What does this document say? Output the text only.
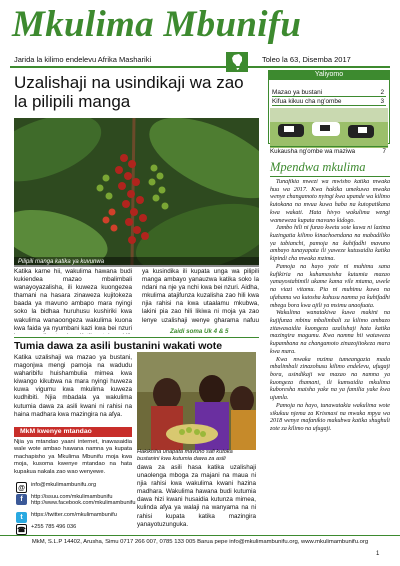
Mkulima Mbunifu
Jarida la kilimo endelevu Afrika Mashariki	Toleo la 63, Disemba 2017
Uzalishaji na usindikaji wa zao la pilipili manga
Pilipili manga katika ya kuvunwa
Katika karne hii, wakulima hawana budi kukiendea mazao mbalimbali wanayoyazalisha, ili kuweza kuongezea thamani na hasara zinaweza kujitokeza baada ya mavuno ambapo mara nyingi soko la bidhaa huruhusu kushiriki kwa wakulima wanaoongeza wakulima kuona kwa faida ya nyumbani kazi kwa bei nzuri
ya kusindika ili kupata unga wa pilipili manga ambayo yanauzwa katika soko la ndani na nje ya nchi kwa bei nzuri. Aidha, mkulima atajifunza kuzalisha zao hili kwa njia rahisi na kwa utaalamu mkubwa, lakini pia zao hili likiwa ni moja ya zao lenye uzalishaji wenye gharama nafuu
Zaidi soma Uk 4 & 5
Tumia dawa za asili bustanini wakati wote
Katika uzalishaji wa mazao ya bustani, magonjwa mengi pamoja na wadudu waharibifu huishambulia mimea kwa kiwango kikubwa na mara nyingi huweza kuwa vigumu kwa mkulima kuweza kudhibiti. Njia mbadala ya wakulima kutumia dawa za asili kwani ni rahisi na haina madhara kwa mazingira na afya.
Hakikisha unapata mavuno safi kutoka bustanini kwa kutumia dawa za asili
dawa za asili hasa katika uzalishaji unaolenga mboga za majani na maua ni njia rahisi kwa wakulima kwani hazina madhara. Wakulima hawana budi kutumia dawa hizi kwani husaidia kutunza mimea, kulinda afya ya walaji na wanyama na ni rahisi kupata katika mazingira yanayotuzunguka.
MkM kwenye mtandao
Njia ya mtandao yaani internet, inawasaidia wale wote ambao hawana namna ya kupata machapisho ya Mkulima Mbunifu moja kwa moja, kusoma kwenye mtandao na hata kupakua nakala zao wao wenyewe.
@	info@mkulimambunifu.org
f	http://issuu.com/mkulimambunifu http://www.facebook.com/mkulimambunifu
t	https://twitter.com/mkulimambunifu
☎ +255 785 496 036
Yaliyomo
Mazao ya bustani	2
Kifua kikuu cha ng'ombe	3
Kukausha ng'ombe wa maziwa	7
Mpendwa mkulima

Tunafikia mwezi wa mwisho katika mwaka huu wa 2017. Kwa hakika umekuwa mwaka wenye changamoto nyingi kwa upande wa kilimo kutokana na mvua kuwa haba na kutopatikana kwa wakati. Hata hivyo wakulima wengi wameweza kupata mavuno kidogo.

Jambo hili ni funzo kwetu sote kuwa ni lazima kuzingatia kilimo kinachoendana na mabadiliko ya tabianchi, pamoja na kuhifadhi mavuno ambayo tunayapata ili yaweze kutusaidia katika kipindi cha mwaka mzima.

Pamoja na hayo yote ni muhimu sana kufikiria na kuhamasisha kutumia mazao yanayostahimili ukame kama vile mtama, uwele na viazi vitamu. Pia ni muhimu kuwa na ufahamu wa kutosha kuhusu namna ya kuhifadhi mbegu bora kwa ajili ya msimu unaofuata.

Wakulima wanatakiwa kuwa makini na kujifunza mbinu mbalimbali za kilimo ambazo zitawasaidia kuongeza uzalishaji hata katika mazingira magumu. Kwa namna hii wataweza kupambana na changamoto zinazojitokeza mara kwa mara.

Kwa mwaka mzima tumeangazia mada mbalimbali zinazohusu kilimo endelevu, ufugaji bora, usindikaji wa mazao na namna ya kuongeza thamani, ili kumsaidia mkulima kuboresha maisha yake na ya familia yake kwa ujumla.

Pamoja na hayo, tunawatakia wakulima wote sikukuu njema za Krismasi na mwaka mpya wa 2018 wenye mafanikio makubwa katika shughuli zote za kilimo na ufugaji.

MkM, S.L.P 14402, Arusha, Simu 0717 266 007, 0785 133 005 Barua pepe info@mkulimambunifu.org, www.mkulimambunifu.org
1
